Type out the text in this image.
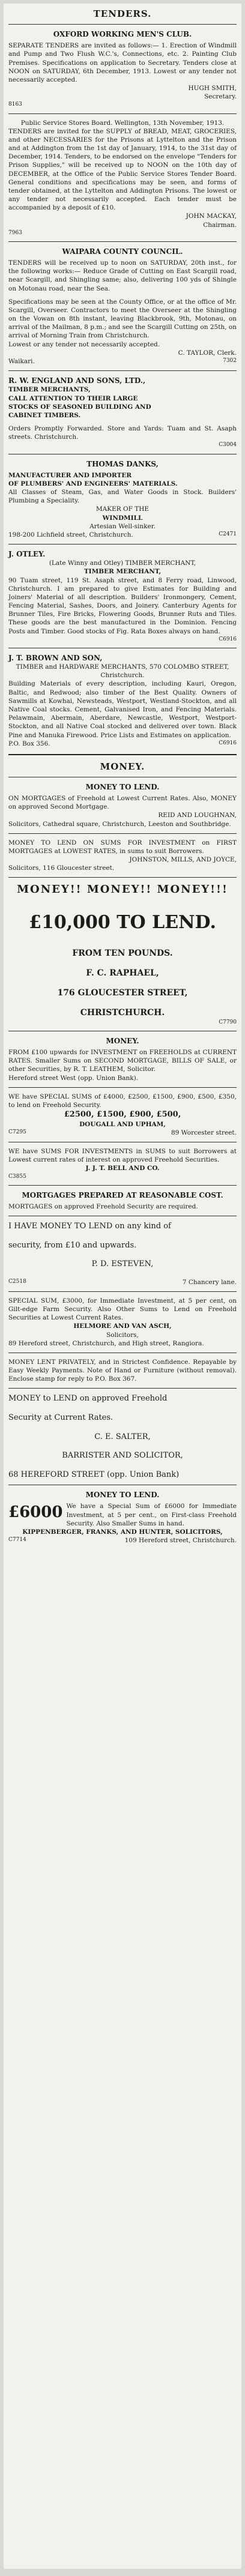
TENDERS.
OXFORD WORKING MEN'S CLUB.
SEPARATE TENDERS are invited as follows:— 1. Erection of Windmill and Pump and Two Flush W.C.'s, Connections, etc. 2. Painting Club Premises. Specifications on application to Secretary. Tenders close at NOON on SATURDAY, 6th December, 1913. Lowest or any tender not necessarily accepted.
HUGH SMITH,
Secretary.
8163
Public Service Stores Board. Wellington, 13th November, 1913.
TENDERS are invited for the SUPPLY of BREAD, MEAT, GROCERIES, and other NECESSARIES for the Prisons at Lyttelton and the Prison and at Addington from the 1st day of January, 1914, to the 31st day of December, 1914. Tenders, to be endorsed on the envelope "Tenders for Prison Supplies," will be received up to NOON on the 10th day of DECEMBER, at the Office of the Public Service Stores Tender Board. General conditions and specifications may be seen, and forms of tender obtained, at the Lyttelton and Addington Prisons. The lowest or any tender not necessarily accepted. Each tender must be accompanied by a deposit of £10.
JOHN MACKAY,
Chairman.
7963
WAIPARA COUNTY COUNCIL.
TENDERS will be received up to noon on SATURDAY, 20th inst., for the following works:— Reduce Grade of Cutting on East Scargill road, near Scargill, and Shingling same; also, delivering 100 yds of Shingle on Motonau road, near the Sea.
Specifications may be seen at the County Office, or at the office of Mr. Scargill, Overseer. Contractors to meet the Overseer at the Shingling on the Vowan on 8th instant, leaving Blackbrook, 9th, Motonau, on arrival of the Mailman, 8 p.m.; and see the Scargill Cutting on 25th, on arrival of Morning Train from Christchurch.
Lowest or any tender not necessarily accepted.
C. TAYLOR, Clerk.
Waikari.	7302
R. W. ENGLAND AND SONS, LTD.,
TIMBER MERCHANTS,
CALL ATTENTION TO THEIR LARGE
STOCKS OF SEASONED BUILDING AND
CABINET TIMBERS.
Orders Promptly Forwarded. Store and Yards: Tuam and St. Asaph streets. Christchurch.
C3004
THOMAS DANKS,
MANUFACTURER AND IMPORTER
OF PLUMBERS' AND ENGINEERS' MATERIALS.
All Classes of Steam, Gas, and Water Goods in Stock. Builders' Plumbing a Speciality.
MAKER OF THE
WINDMILL
Artesian Well-sinker.
198-200 Lichfield street, Christchurch.	C2471
J. OTLEY.
(Late Winny and Otley) TIMBER MERCHANT,
TIMBER MERCHANT,
90 Tuam street, 119 St. Asaph street, and 8 Ferry road, Linwood, Christchurch. I am prepared to give Estimates for Building and Joiners' Material of all description. Builders' Ironmongery, Cement, Fencing Material, Sashes, Doors, and Joinery. Canterbury Agents for Brunner Tiles, Fire Bricks, Flowering Goods, Brunner Ruts and Tiles. These goods are the best manufactured in the Dominion. Fencing Posts and Timber. Good stocks of Fig. Rata Boxes always on hand.
C6916
J. T. BROWN AND SON,
TIMBER and HARDWARE MERCHANTS, 570 COLOMBO STREET, Christchurch.
Building Materials of every description, including Kauri, Oregon, Baltic, and Redwood; also timber of the Best Quality. Owners of Sawmills at Kowhai, Newsteads, Westport, Westland-Stockton, and all Native Coal stocks. Cement, Galvanised Iron, and Fencing Materials. Pelawmain, Abermain, Aberdare, Newcastle, Westport, Westport-Stockton, and all Native Coal stocked and delivered over town. Black Pine and Manuka Firewood. Price Lists and Estimates on application.
P.O. Box 356.	C6916
MONEY.
MONEY TO LEND.
ON MORTGAGES of Freehold at Lowest Current Rates. Also, MONEY on approved Second Mortgage.
REID AND LOUGHNAN,
Solicitors, Cathedral square, Christchurch, Leeston and Southbridge.
MONEY TO LEND ON SUMS FOR INVESTMENT on FIRST MORTGAGES at LOWEST RATES, in sums to suit Borrowers.
JOHNSTON, MILLS, AND JOYCE,
Solicitors, 116 Gloucester street.
MONEY!! MONEY!! MONEY!!!
£10,000 TO LEND.
FROM TEN POUNDS.
F. C. RAPHAEL,
176 GLOUCESTER STREET,
CHRISTCHURCH.
C7790
MONEY.
FROM £100 upwards for INVESTMENT on FREEHOLDS at CURRENT RATES. Smaller Sums on SECOND MORTGAGE, BILLS OF SALE, or other Securities, by R. T. LEATHEM, Solicitor.
Hereford street West (opp. Union Bank).
WE have SPECIAL SUMS of £4000, £2500, £1500, £900, £500, £350, to lend on Freehold Security.
£2500, £1500, £900, £500,
DOUGALL AND UPHAM,
C7295	89 Worcester street.
WE have SUMS FOR INVESTMENTS in SUMS to suit Borrowers at Lowest current rates of interest on approved Freehold Securities.
J. J. T. BELL AND CO.
C3855
MORTGAGES PREPARED AT REASONABLE COST.
MORTGAGES on approved Freehold Security are required.
I HAVE MONEY TO LEND on any kind of
security, from £10 and upwards.
P. D. ESTEVEN,
C2518	7 Chancery lane.
SPECIAL SUM, £3000, for Immediate Investment, at 5 per cent, on Gilt-edge Farm Security. Also Other Sums to Lend on Freehold Securities at Lowest Current Rates.
HELMORE AND VAN ASCH,
Solicitors,
89 Hereford street, Christchurch, and High street, Rangiora.
MONEY LENT PRIVATELY, and in Strictest Confidence. Repayable by Easy Weekly Payments. Note of Hand or Furniture (without removal). Enclose stamp for reply to P.O. Box 367.
MONEY to LEND on approved Freehold
Security at Current Rates.
C. E. SALTER,
BARRISTER AND SOLICITOR,
68 HEREFORD STREET (opp. Union Bank)
MONEY TO LEND.
£6000 We have a Special Sum of £6000 for Immediate Investment, at 5 per cent., on First-class Freehold Security. Also Smaller Sums in hand.
KIPPENBERGER, FRANKS, AND HUNTER, SOLICITORS,
C7714	109 Hereford street, Christchurch.
